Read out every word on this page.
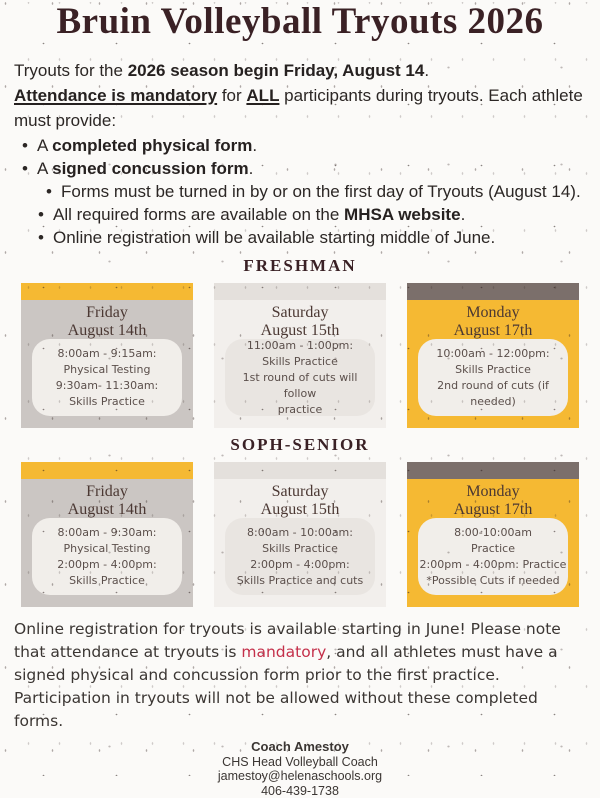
Bruin Volleyball Tryouts 2026

Tryouts for the 2026 season begin Friday, August 14.
Attendance is mandatory for ALL participants during tryouts. Each athlete must provide:

• A completed physical form.
• A signed concussion form.
• Forms must be turned in by or on the first day of Tryouts (August 14).
• All required forms are available on the MHSA website.
• Online registration will be available starting middle of June.
FRESHMAN
Friday
August 14th
8:00am - 9:15am:
Physical Testing
9:30am- 11:30am:
Skills Practice
Saturday
August 15th
11:00am - 1:00pm:
Skills Practice
1st round of cuts will follow
practice
Monday
August 17th
10:00am - 12:00pm:
Skills Practice
2nd round of cuts (if needed)
SOPH-SENIOR
Friday
August 14th
8:00am - 9:30am:
Physical Testing
2:00pm - 4:00pm:
Skills Practice
Saturday
August 15th
8:00am - 10:00am:
Skills Practice
2:00pm - 4:00pm:
Skills Practice and cuts
Monday
August 17th
8:00-10:00am
Practice
2:00pm - 4:00pm: Practice
*Possible Cuts if needed

Online registration for tryouts is available starting in June! Please note that attendance at tryouts is mandatory, and all athletes must have a signed physical and concussion form prior to the first practice. Participation in tryouts will not be allowed without these completed forms.

Coach Amestoy
CHS Head Volleyball Coach
jamestoy@helenaschools.org
406-439-1738
